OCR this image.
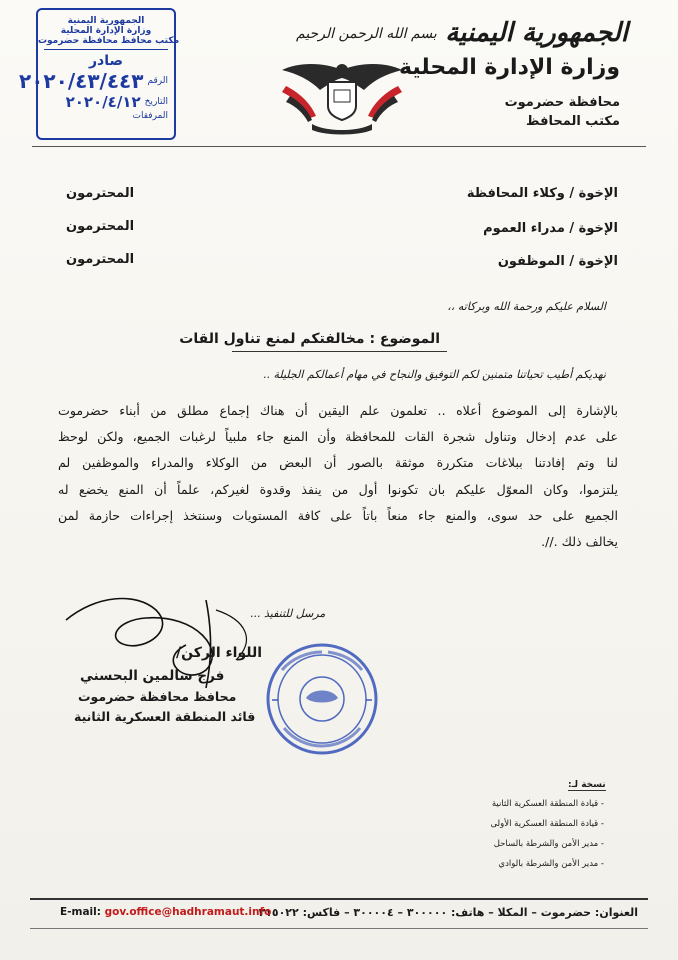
الجمهورية اليمنية
وزارة الإدارة المحلية
محافظة حضرموت
مكتب المحافظ
بسم الله الرحمن الرحيم
الجمهورية اليمنية
وزارة الإدارة المحلية
مكتب محافظ محافظة حضرموت
صادر
الرقم
٢٠٢٠/٤٣/٤٤٣
التاريخ
٢٠٢٠/٤/١٢
المرفقات
الإخوة / وكلاء المحافظة
المحترمون
الإخوة / مدراء العموم
المحترمون
الإخوة / الموظفون
المحترمون
السلام عليكم ورحمة الله وبركاته ،،
الموضوع : مخالفتكم لمنع تناول القات
نهديكم أطيب تحياتنا متمنين لكم التوفيق والنجاح في مهام أعمالكم الجليلة ..
بالإشارة إلى الموضوع أعلاه .. تعلمون علم اليقين أن هناك إجماع مطلق من أبناء حضرموت
على عدم إدخال وتناول شجرة القات للمحافظة وأن المنع جاء ملبياً لرغبات الجميع، ولكن لوحظ
لنا وتم إفادتنا ببلاغات متكررة موثقة بالصور أن البعض من الوكلاء والمدراء والموظفين لم
يلتزموا، وكان المعوّل عليكم بان تكونوا أول من ينفذ وقدوة لغيركم، علماً أن المنع يخضع له
الجميع على حد سوى، والمنع جاء منعاً باتاً على كافة المستويات وسنتخذ إجراءات حازمة لمن
يخالف ذلك .//.
مرسل للتنفيذ ...
اللواء الركن/
فرج سالمين البحسني
محافظ محافظة حضرموت
قائد المنطقة العسكرية الثانية
نسخة لـ:
- قيادة المنطقة العسكرية الثانية
- قيادة المنطقة العسكرية الأولى
- مدير الأمن والشرطة بالساحل
- مدير الأمن والشرطة بالوادي
العنوان: حضرموت – المكلا – هاتف: ٣٠٠٠٠٠ – ٣٠٠٠٠٤ – فاكس: ٣١٥٠٢٢
E-mail: gov.office@hadhramaut.info
